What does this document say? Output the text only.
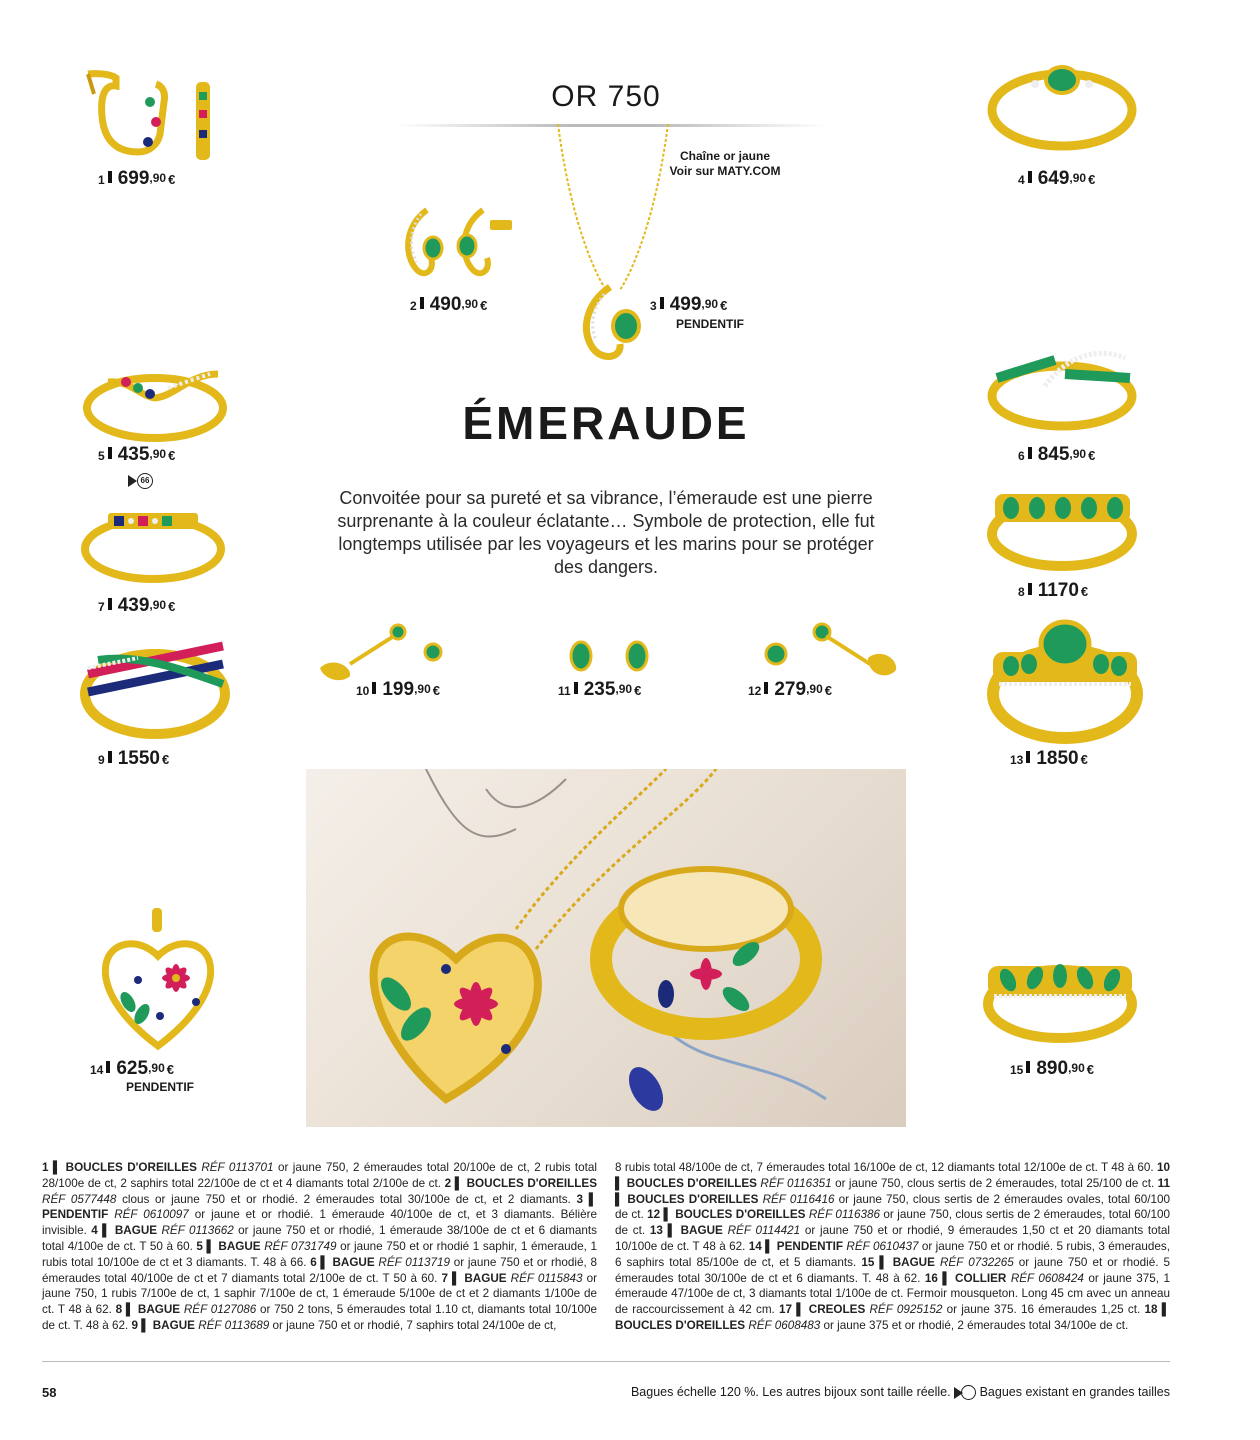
OR 750
Chaîne or jaune
Voir sur MATY.COM
1 699,90 €	4 649,90 €
2 490,90 €	3 499,90 €
PENDENTIF
ÉMERAUDE
Convoitée pour sa pureté et sa vibrance, l’émeraude est une pierre surprenante à la couleur éclatante… Symbole de protection, elle fut longtemps utilisée par les voyageurs et les marins pour se protéger des dangers.
5 435,90 €
66
6 845,90 €
8 1170 €
7 439,90 €
10 199,90 €	11 235,90 €	12 279,90 €
9 1550 €	13 1850 €
14 625,90 €
PENDENTIF
15 890,90 €
1 ▌ BOUCLES D'OREILLES RÉF 0113701 or jaune 750, 2 émeraudes total 20/100e de ct, 2 rubis total 28/100e de ct, 2 saphirs total 22/100e de ct et 4 diamants total 2/100e de ct. 2 ▌ BOUCLES D'OREILLES RÉF 0577448 clous or jaune 750 et or rhodié. 2 émeraudes total 30/100e de ct, et 2 diamants. 3 ▌ PENDENTIF RÉF 0610097 or jaune et or rhodié. 1 émeraude 40/100e de ct, et 3 diamants. Bélière invisible. 4 ▌ BAGUE RÉF 0113662 or jaune 750 et or rhodié, 1 émeraude 38/100e de ct et 6 diamants total 4/100e de ct. T 50 à 60. 5 ▌ BAGUE RÉF 0731749 or jaune 750 et or rhodié 1 saphir, 1 émeraude, 1 rubis total 10/100e de ct et 3 diamants. T. 48 à 66. 6 ▌ BAGUE RÉF 0113719 or jaune 750 et or rhodié, 8 émeraudes total 40/100e de ct et 7 diamants total 2/100e de ct. T 50 à 60. 7 ▌ BAGUE RÉF 0115843 or jaune 750, 1 rubis 7/100e de ct, 1 saphir 7/100e de ct, 1 émeraude 5/100e de ct et 2 diamants 1/100e de ct. T 48 à 62. 8 ▌ BAGUE RÉF 0127086 or 750 2 tons, 5 émeraudes total 1.10 ct, diamants total 10/100e de ct. T. 48 à 62. 9 ▌ BAGUE RÉF 0113689 or jaune 750 et or rhodié, 7 saphirs total 24/100e de ct,
8 rubis total 48/100e de ct, 7 émeraudes total 16/100e de ct, 12 diamants total 12/100e de ct. T 48 à 60. 10 ▌ BOUCLES D'OREILLES RÉF 0116351 or jaune 750, clous sertis de 2 émeraudes, total 25/100 de ct. 11 ▌ BOUCLES D'OREILLES RÉF 0116416 or jaune 750, clous sertis de 2 émeraudes ovales, total 60/100 de ct. 12 ▌ BOUCLES D'OREILLES RÉF 0116386 or jaune 750, clous sertis de 2 émeraudes, total 60/100 de ct. 13 ▌ BAGUE RÉF 0114421 or jaune 750 et or rhodié, 9 émeraudes 1,50 ct et 20 diamants total 10/100e de ct. T 48 à 62. 14 ▌ PENDENTIF RÉF 0610437 or jaune 750 et or rhodié. 5 rubis, 3 émeraudes, 6 saphirs total 85/100e de ct, et 5 diamants. 15 ▌ BAGUE RÉF 0732265 or jaune 750 et or rhodié. 5 émeraudes total 30/100e de ct et 6 diamants. T. 48 à 62. 16 ▌ COLLIER RÉF 0608424 or jaune 375, 1 émeraude 47/100e de ct, 3 diamants total 1/100e de ct. Fermoir mousqueton. Long 45 cm avec un anneau de raccourcissement à 42 cm. 17 ▌ CREOLES RÉF 0925152 or jaune 375. 16 émeraudes 1,25 ct. 18 ▌ BOUCLES D'OREILLES RÉF 0608483 or jaune 375 et or rhodié, 2 émeraudes total 34/100e de ct.
58	Bagues échelle 120 %. Les autres bijoux sont taille réelle. Bagues existant en grandes tailles
